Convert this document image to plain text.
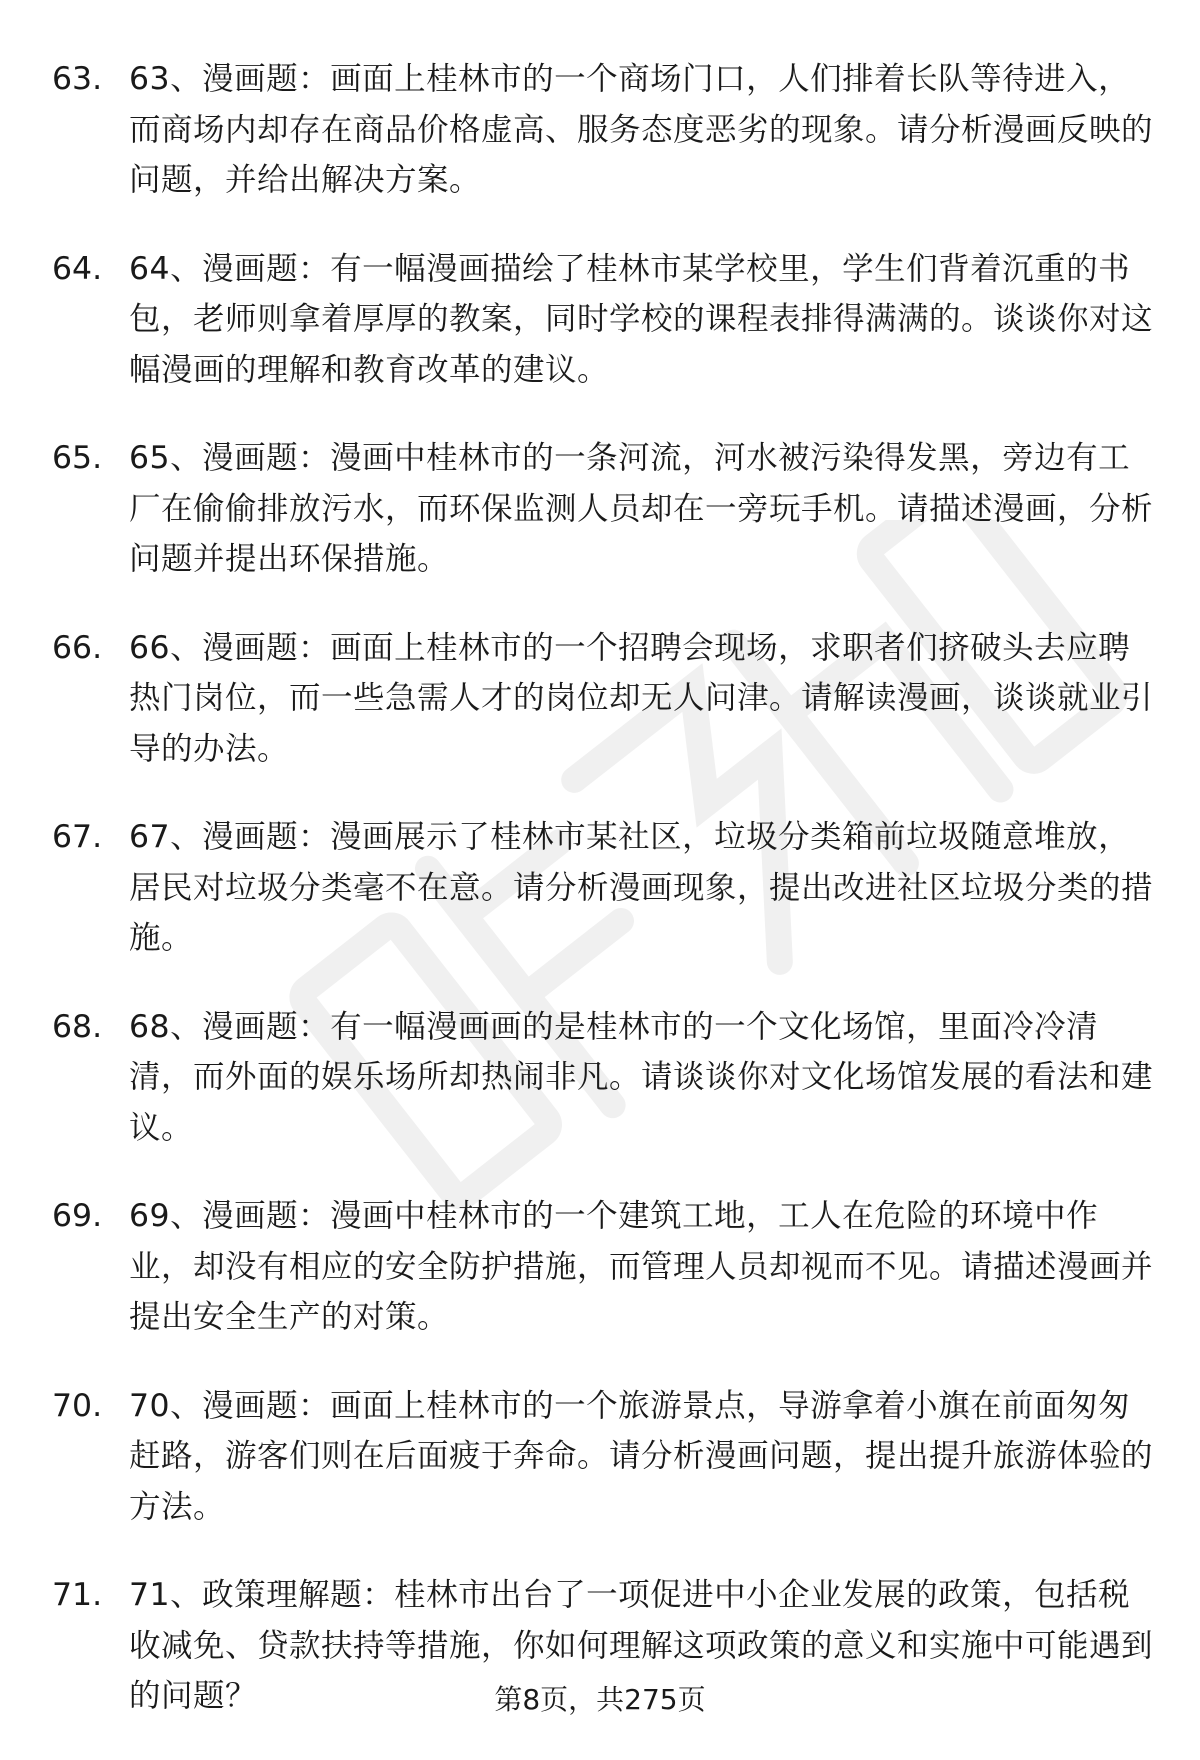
63. 63、漫画题：画面上桂林市的一个商场门口，人们排着长队等待进入，而商场内却存在商品价格虚高、服务态度恶劣的现象。请分析漫画反映的问题，并给出解决方案。
64. 64、漫画题：有一幅漫画描绘了桂林市某学校里，学生们背着沉重的书包，老师则拿着厚厚的教案，同时学校的课程表排得满满的。谈谈你对这幅漫画的理解和教育改革的建议。
65. 65、漫画题：漫画中桂林市的一条河流，河水被污染得发黑，旁边有工厂在偷偷排放污水，而环保监测人员却在一旁玩手机。请描述漫画，分析问题并提出环保措施。
66. 66、漫画题：画面上桂林市的一个招聘会现场，求职者们挤破头去应聘热门岗位，而一些急需人才的岗位却无人问津。请解读漫画，谈谈就业引导的办法。
67. 67、漫画题：漫画展示了桂林市某社区，垃圾分类箱前垃圾随意堆放，居民对垃圾分类毫不在意。请分析漫画现象，提出改进社区垃圾分类的措施。
68. 68、漫画题：有一幅漫画画的是桂林市的一个文化场馆，里面冷冷清清，而外面的娱乐场所却热闹非凡。请谈谈你对文化场馆发展的看法和建议。
69. 69、漫画题：漫画中桂林市的一个建筑工地，工人在危险的环境中作业，却没有相应的安全防护措施，而管理人员却视而不见。请描述漫画并提出安全生产的对策。
70. 70、漫画题：画面上桂林市的一个旅游景点，导游拿着小旗在前面匆匆赶路，游客们则在后面疲于奔命。请分析漫画问题，提出提升旅游体验的方法。
71. 71、政策理解题：桂林市出台了一项促进中小企业发展的政策，包括税收减免、贷款扶持等措施，你如何理解这项政策的意义和实施中可能遇到的问题？	第8页，共275页
